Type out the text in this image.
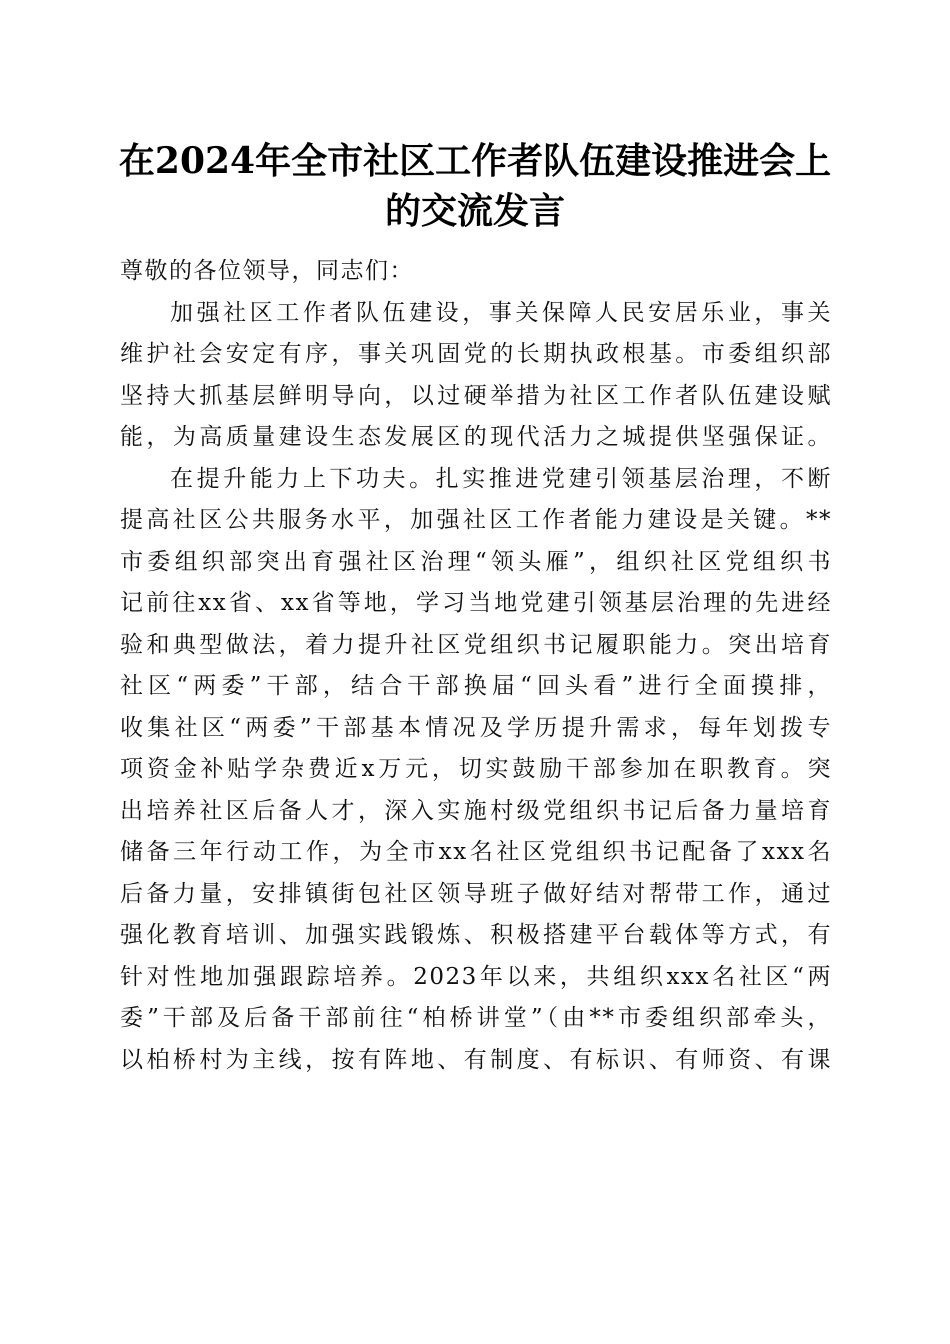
在2024年全市社区工作者队伍建设推进会上
的交流发言
尊敬的各位领导，同志们：
加强社区工作者队伍建设，事关保障人民安居乐业，事关
维护社会安定有序，事关巩固党的长期执政根基。市委组织部
坚持大抓基层鲜明导向，以过硬举措为社区工作者队伍建设赋
能，为高质量建设生态发展区的现代活力之城提供坚强保证。
在提升能力上下功夫。扎实推进党建引领基层治理，不断
提高社区公共服务水平，加强社区工作者能力建设是关键。**
市委组织部突出育强社区治理“领头雁”，组织社区党组织书
记前往xx省、xx省等地，学习当地党建引领基层治理的先进经
验和典型做法，着力提升社区党组织书记履职能力。突出培育
社区“两委”干部，结合干部换届“回头看”进行全面摸排，
收集社区“两委”干部基本情况及学历提升需求，每年划拨专
项资金补贴学杂费近x万元，切实鼓励干部参加在职教育。突
出培养社区后备人才，深入实施村级党组织书记后备力量培育
储备三年行动工作，为全市xx名社区党组织书记配备了xxx名
后备力量，安排镇街包社区领导班子做好结对帮带工作，通过
强化教育培训、加强实践锻炼、积极搭建平台载体等方式，有
针对性地加强跟踪培养。2023年以来，共组织xxx名社区“两
委”干部及后备干部前往“柏桥讲堂”（由**市委组织部牵头，
以柏桥村为主线，按有阵地、有制度、有标识、有师资、有课
